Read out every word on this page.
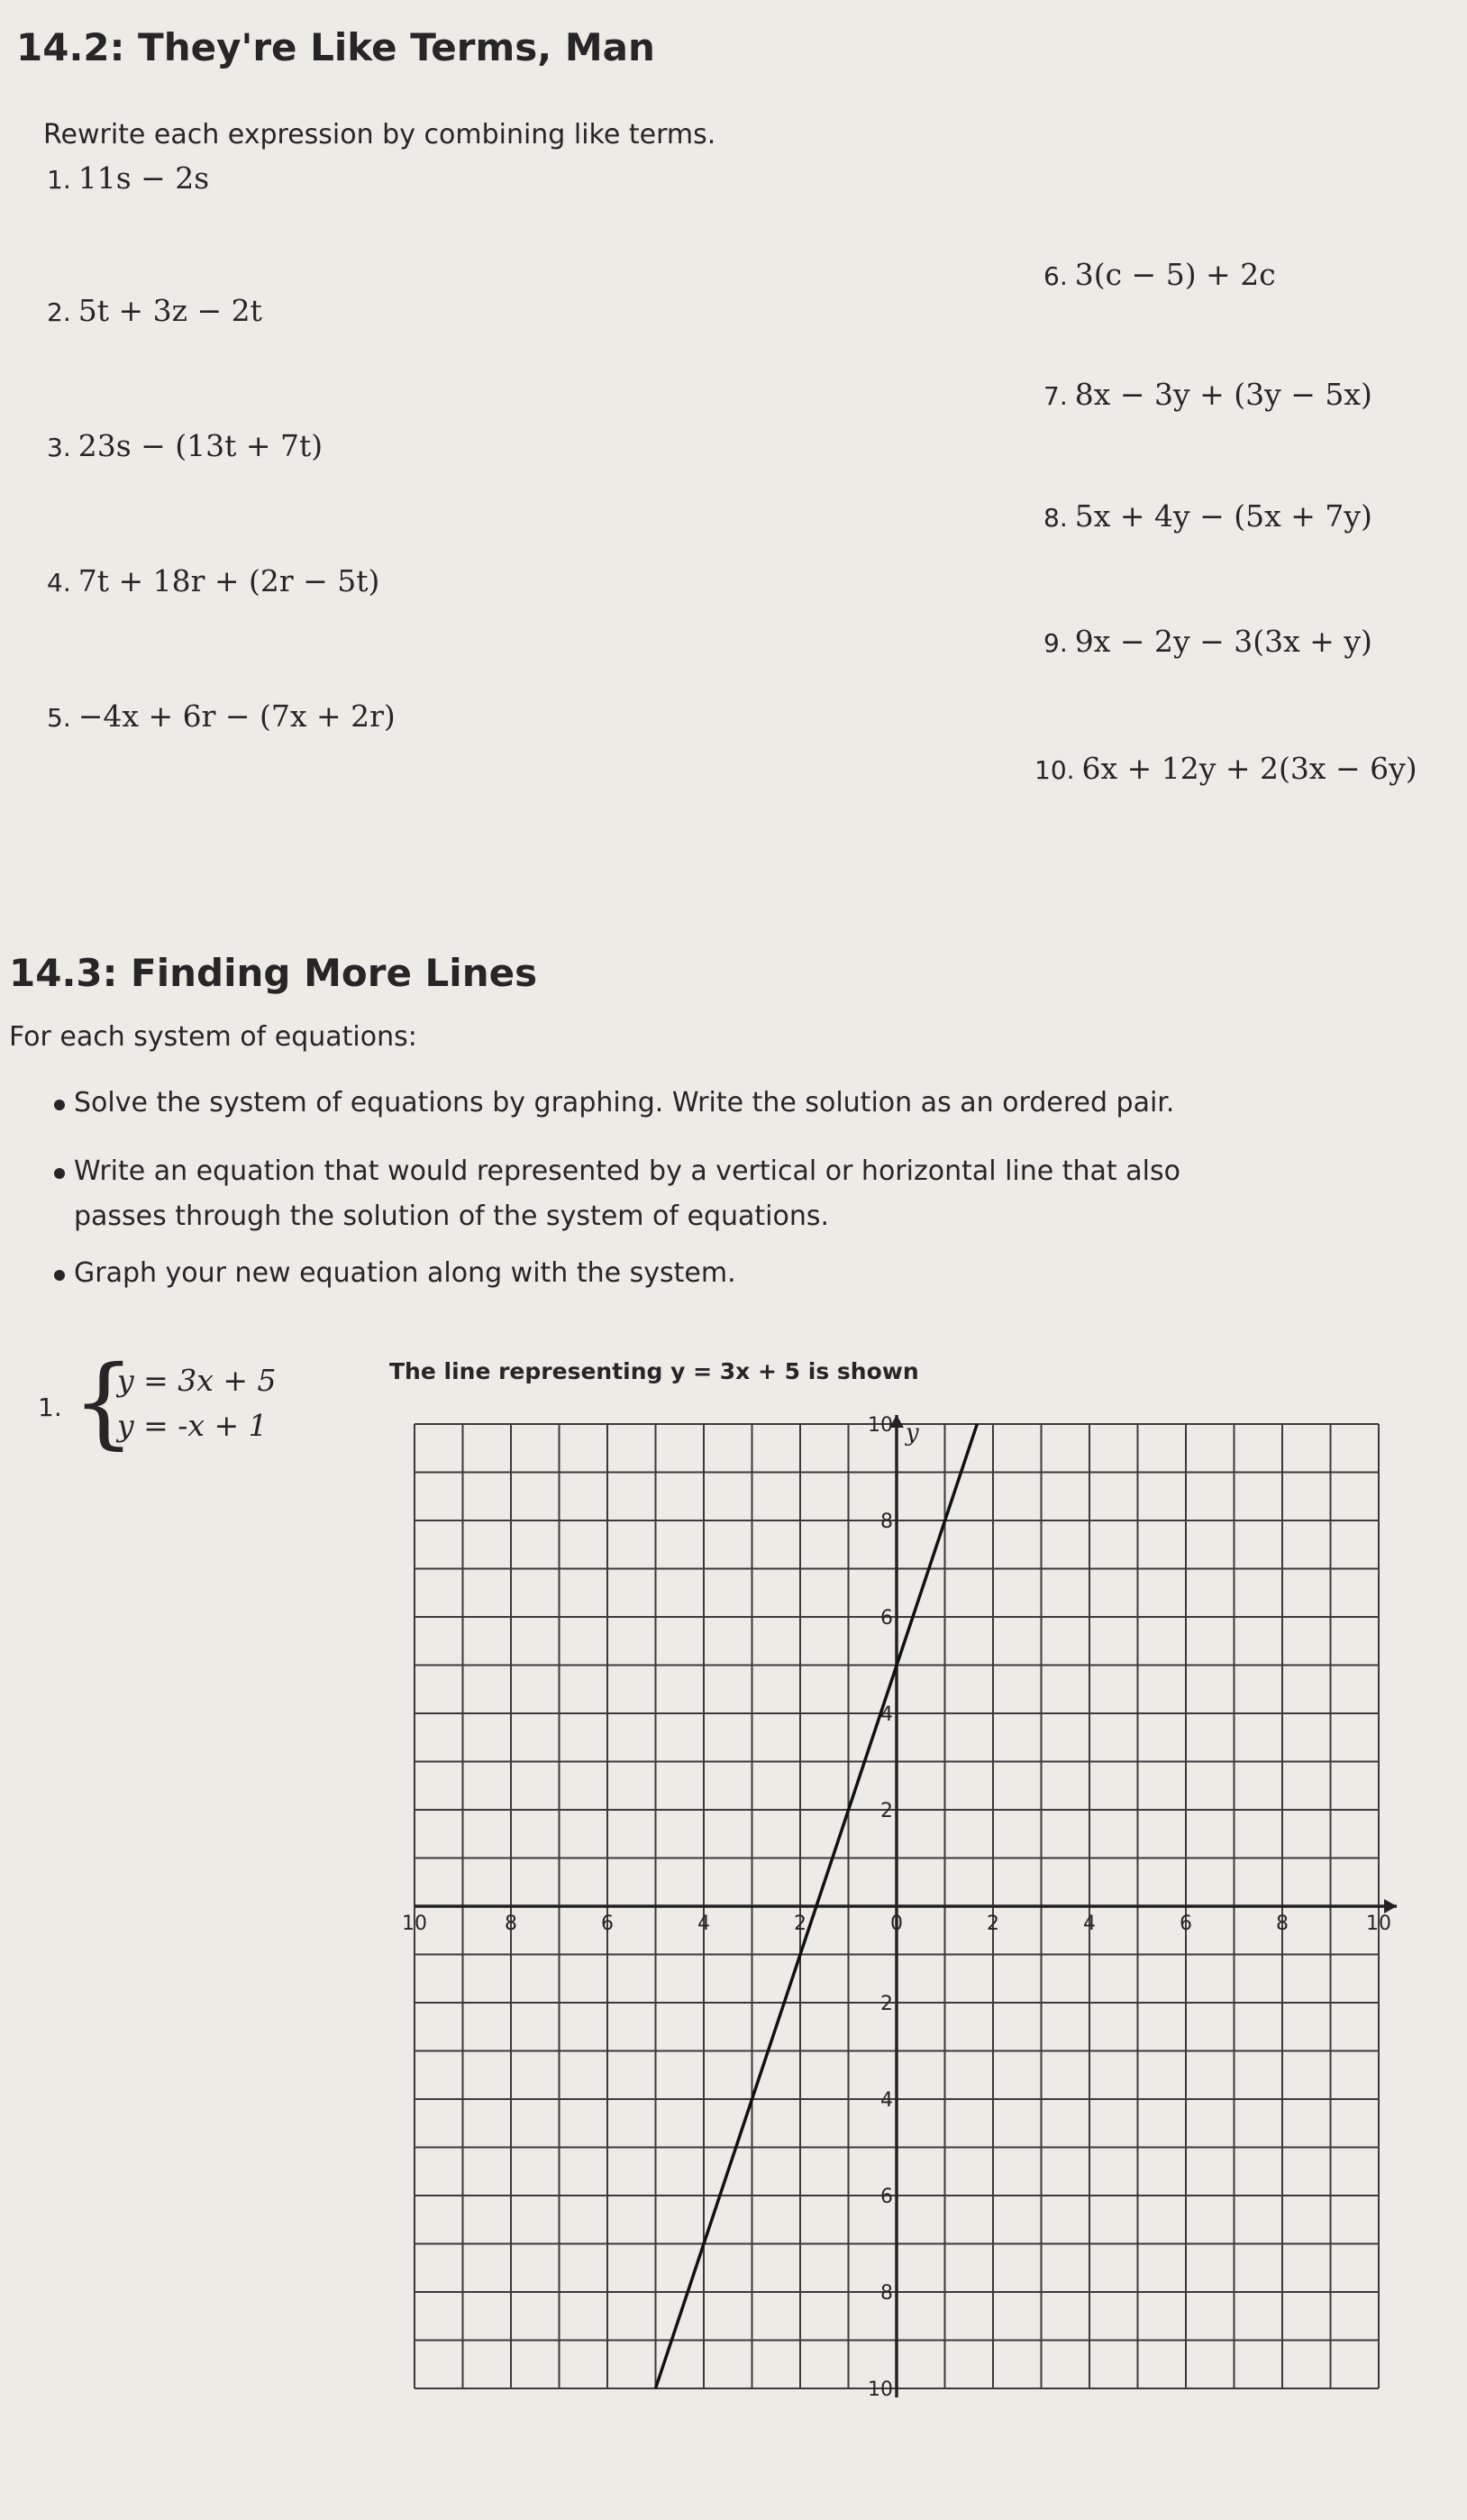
14.2: They're Like Terms, Man
Rewrite each expression by combining like terms.
1. 11s − 2s
2. 5t + 3z − 2t
3. 23s − (13t + 7t)
4. 7t + 18r + (2r − 5t)
5. −4x + 6r − (7x + 2r)
6. 3(c − 5) + 2c
7. 8x − 3y + (3y − 5x)
8. 5x + 4y − (5x + 7y)
9. 9x − 2y − 3(3x + y)
10. 6x + 12y + 2(3x − 6y)
14.3: Finding More Lines
For each system of equations:
Solve the system of equations by graphing. Write the solution as an ordered pair.
Write an equation that would represented by a vertical or horizontal line that also passes through the solution of the system of equations.
Graph your new equation along with the system.
1. {
y = 3x + 5
y = -x + 1
The line representing y = 3x + 5 is shown
y
10	8	6	4	2	0	2	4	6	8	10
10
8
6
4
2
2
4
6
8
10
